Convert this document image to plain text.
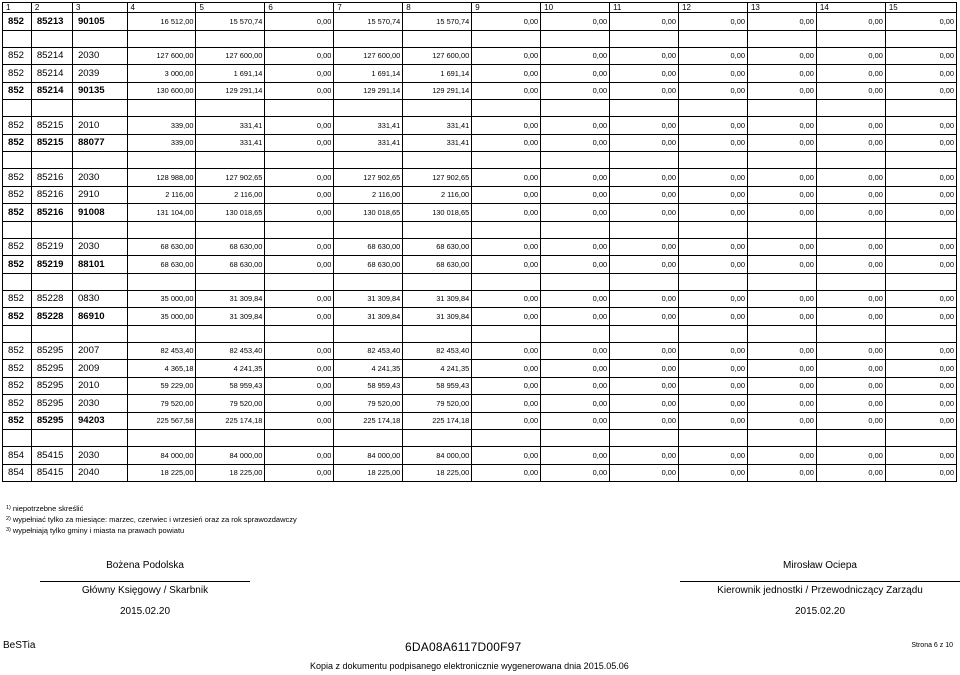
1	2	3	4	5	6	7	8	9	10	11	12	13	14	15
852	85213	90105	16 512,00	15 570,74	0,00	15 570,74	15 570,74	0,00	0,00	0,00	0,00	0,00	0,00	0,00

852	85214	2030	127 600,00	127 600,00	0,00	127 600,00	127 600,00	0,00	0,00	0,00	0,00	0,00	0,00	0,00
852	85214	2039	3 000,00	1 691,14	0,00	1 691,14	1 691,14	0,00	0,00	0,00	0,00	0,00	0,00	0,00
852	85214	90135	130 600,00	129 291,14	0,00	129 291,14	129 291,14	0,00	0,00	0,00	0,00	0,00	0,00	0,00

852	85215	2010	339,00	331,41	0,00	331,41	331,41	0,00	0,00	0,00	0,00	0,00	0,00	0,00
852	85215	88077	339,00	331,41	0,00	331,41	331,41	0,00	0,00	0,00	0,00	0,00	0,00	0,00

852	85216	2030	128 988,00	127 902,65	0,00	127 902,65	127 902,65	0,00	0,00	0,00	0,00	0,00	0,00	0,00
852	85216	2910	2 116,00	2 116,00	0,00	2 116,00	2 116,00	0,00	0,00	0,00	0,00	0,00	0,00	0,00
852	85216	91008	131 104,00	130 018,65	0,00	130 018,65	130 018,65	0,00	0,00	0,00	0,00	0,00	0,00	0,00

852	85219	2030	68 630,00	68 630,00	0,00	68 630,00	68 630,00	0,00	0,00	0,00	0,00	0,00	0,00	0,00
852	85219	88101	68 630,00	68 630,00	0,00	68 630,00	68 630,00	0,00	0,00	0,00	0,00	0,00	0,00	0,00

852	85228	0830	35 000,00	31 309,84	0,00	31 309,84	31 309,84	0,00	0,00	0,00	0,00	0,00	0,00	0,00
852	85228	86910	35 000,00	31 309,84	0,00	31 309,84	31 309,84	0,00	0,00	0,00	0,00	0,00	0,00	0,00

852	85295	2007	82 453,40	82 453,40	0,00	82 453,40	82 453,40	0,00	0,00	0,00	0,00	0,00	0,00	0,00
852	85295	2009	4 365,18	4 241,35	0,00	4 241,35	4 241,35	0,00	0,00	0,00	0,00	0,00	0,00	0,00
852	85295	2010	59 229,00	58 959,43	0,00	58 959,43	58 959,43	0,00	0,00	0,00	0,00	0,00	0,00	0,00
852	85295	2030	79 520,00	79 520,00	0,00	79 520,00	79 520,00	0,00	0,00	0,00	0,00	0,00	0,00	0,00
852	85295	94203	225 567,58	225 174,18	0,00	225 174,18	225 174,18	0,00	0,00	0,00	0,00	0,00	0,00	0,00

854	85415	2030	84 000,00	84 000,00	0,00	84 000,00	84 000,00	0,00	0,00	0,00	0,00	0,00	0,00	0,00
854	85415	2040	18 225,00	18 225,00	0,00	18 225,00	18 225,00	0,00	0,00	0,00	0,00	0,00	0,00	0,00
$^{1)}$ niepotrzebne skreślić
$^{2)}$ wypełniać tylko za miesiące: marzec, czerwiec i wrzesień oraz za rok sprawozdawczy
$^{3)}$ wypełniają tylko gminy i miasta na prawach powiatu
Bożena Podolska
Główny Księgowy / Skarbnik
2015.02.20
Mirosław Ociepa
Kierownik jednostki / Przewodniczący Zarządu
2015.02.20
BeSTia	6DA08A6117D00F97	Strona 6 z 10
Kopia z dokumentu podpisanego elektronicznie wygenerowana dnia 2015.05.06
